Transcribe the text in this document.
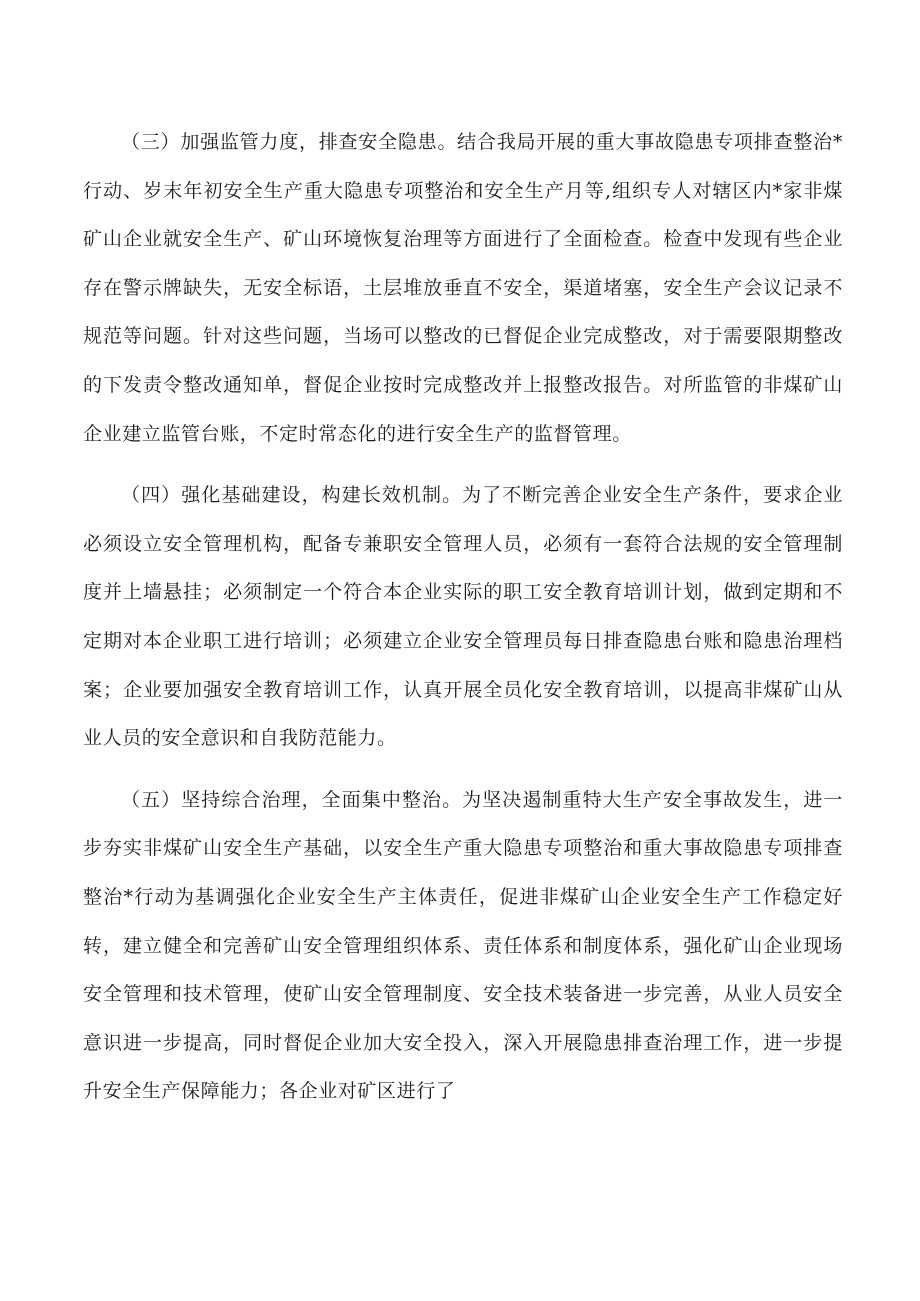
（三）加强监管力度，排查安全隐患。结合我局开展的重大事故隐患专项排查整治*行动、岁末年初安全生产重大隐患专项整治和安全生产月等,组织专人对辖区内*家非煤矿山企业就安全生产、矿山环境恢复治理等方面进行了全面检查。检查中发现有些企业存在警示牌缺失，无安全标语，土层堆放垂直不安全，渠道堵塞，安全生产会议记录不规范等问题。针对这些问题，当场可以整改的已督促企业完成整改，对于需要限期整改的下发责令整改通知单，督促企业按时完成整改并上报整改报告。对所监管的非煤矿山企业建立监管台账，不定时常态化的进行安全生产的监督管理。

（四）强化基础建设，构建长效机制。为了不断完善企业安全生产条件，要求企业必须设立安全管理机构，配备专兼职安全管理人员，必须有一套符合法规的安全管理制度并上墙悬挂；必须制定一个符合本企业实际的职工安全教育培训计划，做到定期和不定期对本企业职工进行培训；必须建立企业安全管理员每日排查隐患台账和隐患治理档案；企业要加强安全教育培训工作，认真开展全员化安全教育培训，以提高非煤矿山从业人员的安全意识和自我防范能力。

（五）坚持综合治理，全面集中整治。为坚决遏制重特大生产安全事故发生，进一步夯实非煤矿山安全生产基础，以安全生产重大隐患专项整治和重大事故隐患专项排查整治*行动为基调强化企业安全生产主体责任，促进非煤矿山企业安全生产工作稳定好转，建立健全和完善矿山安全管理组织体系、责任体系和制度体系，强化矿山企业现场安全管理和技术管理，使矿山安全管理制度、安全技术装备进一步完善，从业人员安全意识进一步提高，同时督促企业加大安全投入，深入开展隐患排查治理工作，进一步提升安全生产保障能力；各企业对矿区进行了
